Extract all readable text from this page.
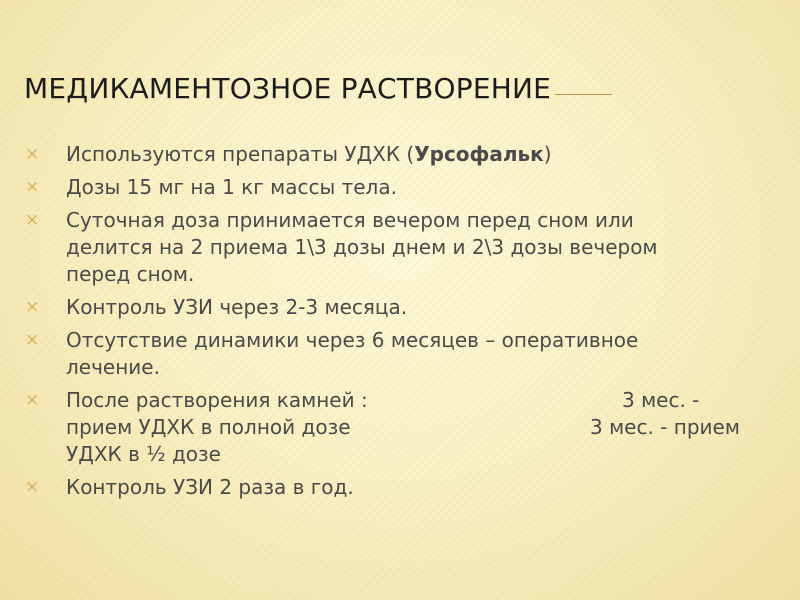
МЕДИКАМЕНТОЗНОЕ РАСТВОРЕНИЕ
× Используются препараты УДХК (Урсофальк)
× Дозы 15 мг на 1 кг массы тела.
× Суточная доза принимается вечером перед сном или
делится на 2 приема 1\3 дозы днем и 2\3 дозы вечером
перед сном.
× Контроль УЗИ через 2-3 месяца.
× Отсутствие динамики через 6 месяцев – оперативное
лечение.
× После растворения камней :	3 мес. -
прием УДХК в полной дозе	3 мес. - прием
УДХК в ½ дозе
× Контроль УЗИ 2 раза в год.
